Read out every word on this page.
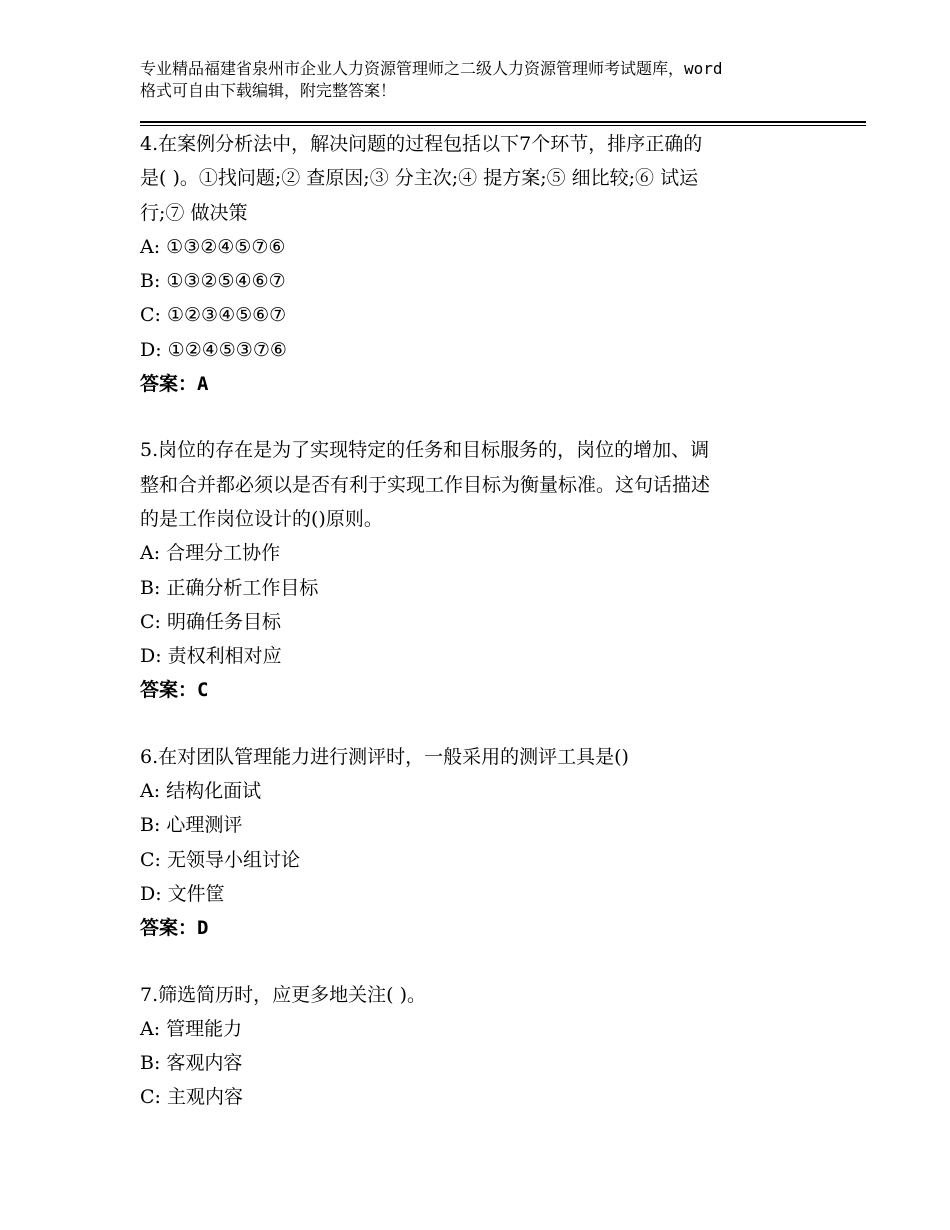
专业精品福建省泉州市企业人力资源管理师之二级人力资源管理师考试题库，word
格式可自由下载编辑，附完整答案！
4.在案例分析法中，解决问题的过程包括以下7个环节，排序正确的
是( )。①找问题;② 查原因;③ 分主次;④ 提方案;⑤ 细比较;⑥ 试运
行;⑦ 做决策
A: ①③②④⑤⑦⑥
B: ①③②⑤④⑥⑦
C: ①②③④⑤⑥⑦
D: ①②④⑤③⑦⑥
答案：A
5.岗位的存在是为了实现特定的任务和目标服务的，岗位的增加、调
整和合并都必须以是否有利于实现工作目标为衡量标准。这句话描述
的是工作岗位设计的()原则。
A: 合理分工协作
B: 正确分析工作目标
C: 明确任务目标
D: 责权利相对应
答案：C
6.在对团队管理能力进行测评时，一般采用的测评工具是()
A: 结构化面试
B: 心理测评
C: 无领导小组讨论
D: 文件筐
答案：D
7.筛选简历时，应更多地关注( )。
A: 管理能力
B: 客观内容
C: 主观内容
